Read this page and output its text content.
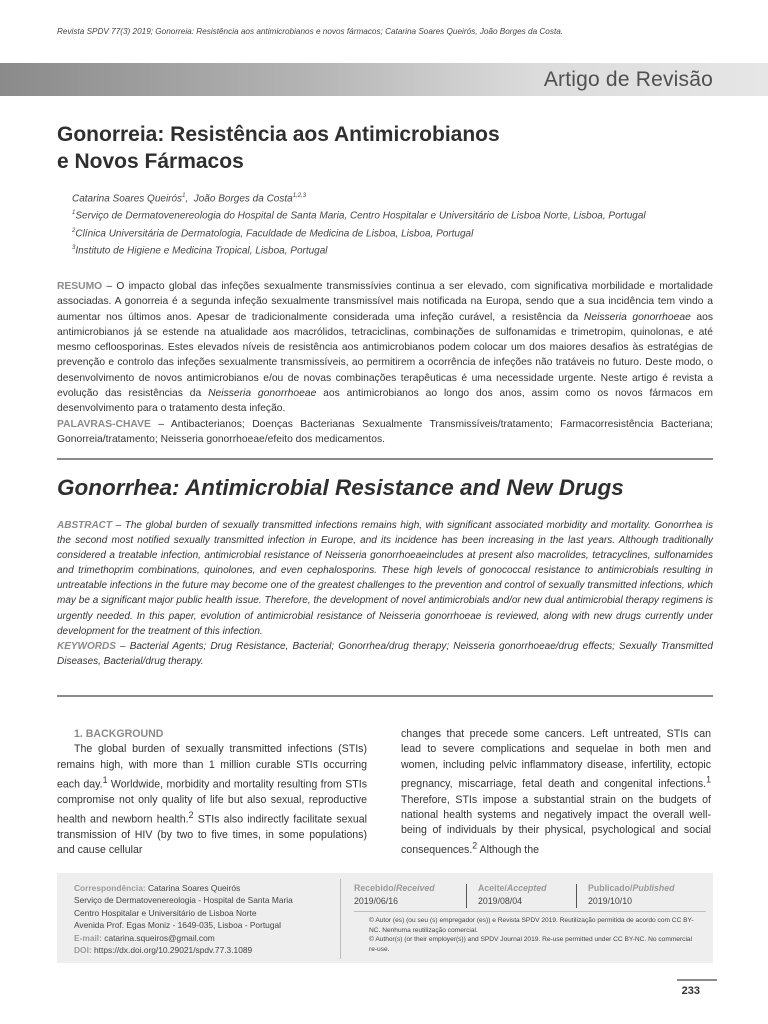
Revista SPDV 77(3) 2019; Gonorreia: Resistência aos antimicrobianos e novos fármacos; Catarina Soares Queirós, João Borges da Costa.
Artigo de Revisão
Gonorreia: Resistência aos Antimicrobianos
e Novos Fármacos
Catarina Soares Queirós$^1$,  João Borges da Costa$^{1,2,3}$
$^1$Serviço de Dermatovenereologia do Hospital de Santa Maria, Centro Hospitalar e Universitário de Lisboa Norte, Lisboa, Portugal
$^2$Clínica Universitária de Dermatologia, Faculdade de Medicina de Lisboa, Lisboa, Portugal
$^3$Instituto de Higiene e Medicina Tropical, Lisboa, Portugal
RESUMO – O impacto global das infeções sexualmente transmissívies continua a ser elevado, com significativa morbilidade e mortalidade associadas. A gonorreia é a segunda infeção sexualmente transmissível mais notificada na Europa, sendo que a sua incidência tem vindo a aumentar nos últimos anos. Apesar de tradicionalmente considerada uma infeção curável, a resistência da Neisseria gonorrhoeae aos antimicrobianos já se estende na atualidade aos macrólidos, tetraciclinas, combinações de sulfonamidas e trimetropim, quinolonas, e até mesmo cefloosporinas. Estes elevados níveis de resistência aos antimicrobianos podem colocar um dos maiores desafios às estratégias de prevenção e controlo das infeções sexualmente transmissíveis, ao permitirem a ocorrência de infeções não tratáveis no futuro. Deste modo, o desenvolvimento de novos antimicrobianos e/ou de novas combinações terapêuticas é uma necessidade urgente. Neste artigo é revista a evolução das resistências da Neisseria gonorrhoeae aos antimicrobianos ao longo dos anos, assim como os novos fármacos em desenvolvimento para o tratamento desta infeção.
PALAVRAS-CHAVE – Antibacterianos; Doenças Bacterianas Sexualmente Transmissíveis/tratamento; Farmacorresistência Bacteriana; Gonorreia/tratamento; Neisseria gonorrhoeae/efeito dos medicamentos.
Gonorrhea: Antimicrobial Resistance and New Drugs
ABSTRACT – The global burden of sexually transmitted infections remains high, with significant associated morbidity and mortality. Gonorrhea is the second most notified sexually transmitted infection in Europe, and its incidence has been increasing in the last years. Although traditionally considered a treatable infection, antimicrobial resistance of Neisseria gonorrhoeaeincludes at present also macrolides, tetracyclines, sulfonamides and trimethoprim combinations, quinolones, and even cephalosporins. These high levels of gonococcal resistance to antimicrobials resulting in untreatable infections in the future may become one of the greatest challenges to the prevention and control of sexually transmitted infections, which may be a significant major public health issue. Therefore, the development of novel antimicrobials and/or new dual antimicrobial therapy regimens is urgently needed. In this paper, evolution of antimicrobial resistance of Neisseria gonorrhoeae is reviewed, along with new drugs currently under development for the treatment of this infection.
KEYWORDS – Bacterial Agents; Drug Resistance, Bacterial; Gonorrhea/drug therapy; Neisseria gonorrhoeae/drug effects; Sexually Transmitted Diseases, Bacterial/drug therapy.
1. BACKGROUND
The global burden of sexually transmitted infections (STIs) remains high, with more than 1 million curable STIs occurring each day.$^1$ Worldwide, morbidity and mortality resulting from STIs compromise not only quality of life but also sexual, reproductive health and newborn health.$^2$ STIs also indirectly facilitate sexual transmission of HIV (by two to five times, in some populations) and cause cellular
changes that precede some cancers. Left untreated, STIs can lead to severe complications and sequelae in both men and women, including pelvic inflammatory disease, infertility, ectopic pregnancy, miscarriage, fetal death and congenital infections.$^1$ Therefore, STIs impose a substantial strain on the budgets of national health systems and negatively impact the overall well-being of individuals by their physical, psychological and social consequences.$^2$ Although the
Correspondência: Catarina Soares Queirós
Serviço de Dermatovenereologia - Hospital de Santa Maria
Centro Hospitalar e Universitário de Lisboa Norte
Avenida Prof. Egas Moniz - 1649-035, Lisboa - Portugal
E-mail: catarina.squeiros@gmail.com
DOI: https://dx.doi.org/10.29021/spdv.77.3.1089
Recebido/Received
2019/06/16
Aceite/Accepted
2019/08/04
Publicado/Published
2019/10/10
© Autor (es) (ou seu (s) empregador (es)) e Revista SPDV 2019. Reutilização permitida de acordo com CC BY-NC. Nenhuma reutilização comercial.
© Author(s) (or their employer(s)) and SPDV Journal 2019. Re-use permitted under CC BY-NC. No commercial re-use.
233
